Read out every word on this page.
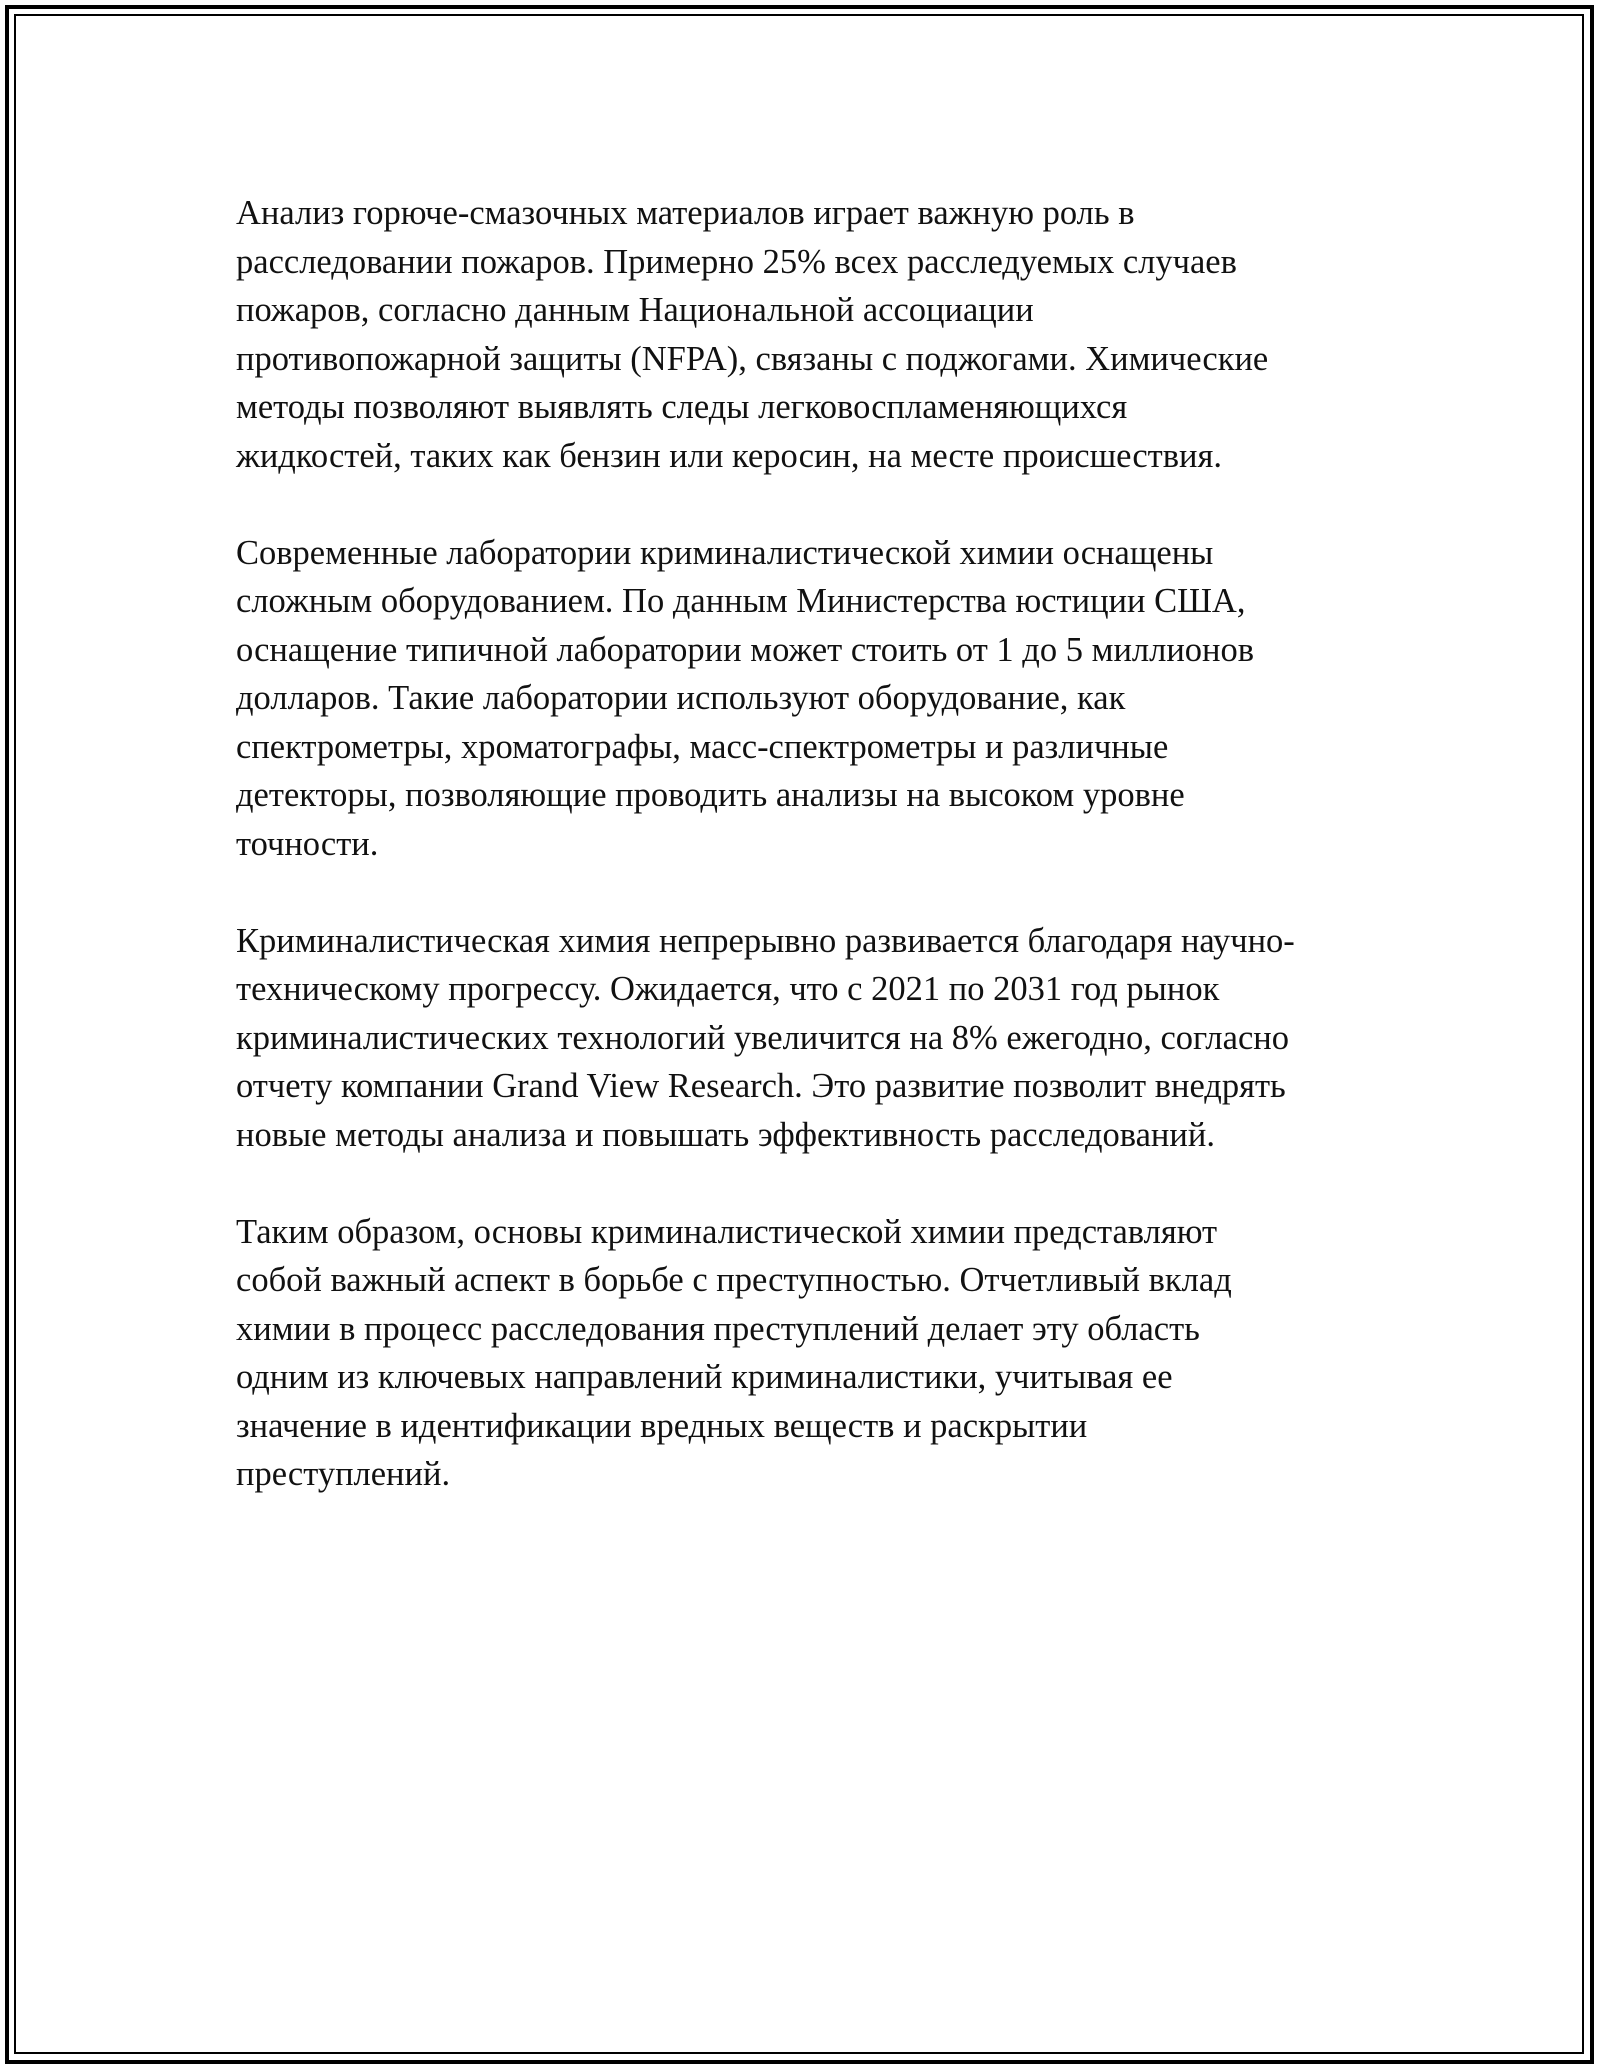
Анализ горюче-смазочных материалов играет важную роль в
расследовании пожаров. Примерно 25% всех расследуемых случаев
пожаров, согласно данным Национальной ассоциации
противопожарной защиты (NFPA), связаны с поджогами. Химические
методы позволяют выявлять следы легковоспламеняющихся
жидкостей, таких как бензин или керосин, на месте происшествия.

Современные лаборатории криминалистической химии оснащены
сложным оборудованием. По данным Министерства юстиции США,
оснащение типичной лаборатории может стоить от 1 до 5 миллионов
долларов. Такие лаборатории используют оборудование, как
спектрометры, хроматографы, масс-спектрометры и различные
детекторы, позволяющие проводить анализы на высоком уровне
точности.

Криминалистическая химия непрерывно развивается благодаря научно-
техническому прогрессу. Ожидается, что с 2021 по 2031 год рынок
криминалистических технологий увеличится на 8% ежегодно, согласно
отчету компании Grand View Research. Это развитие позволит внедрять
новые методы анализа и повышать эффективность расследований.

Таким образом, основы криминалистической химии представляют
собой важный аспект в борьбе с преступностью. Отчетливый вклад
химии в процесс расследования преступлений делает эту область
одним из ключевых направлений криминалистики, учитывая ее
значение в идентификации вредных веществ и раскрытии
преступлений.
